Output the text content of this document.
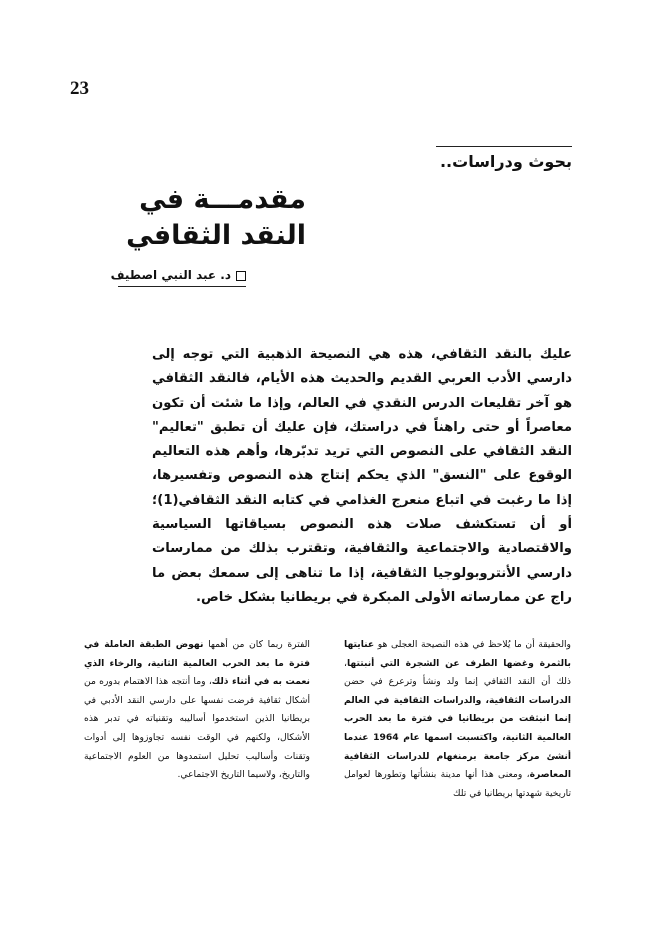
23
بحوث ودراسات..
مقدمـــة في
النقد الثقافي
د. عبد النبي اصطيف
عليك بالنقد الثقافي، هذه هي النصيحة الذهبية التي توجه إلى دارسي الأدب العربي القديم والحديث هذه الأيام، فالنقد الثقافي هو آخر تقليعات الدرس النقدي في العالم، وإذا ما شئت أن تكون معاصراً أو حتى راهناً في دراستك، فإن عليك أن تطبق "تعاليم" النقد الثقافي على النصوص التي تريد تدبّرها، وأهم هذه التعاليم الوقوع على "النسق" الذي يحكم إنتاج هذه النصوص وتفسيرها، إذا ما رغبت في اتباع منعرج الغذامي في كتابه النقد الثقافي(1)؛ أو أن تستكشف صلات هذه النصوص بسياقاتها السياسية والاقتصادية والاجتماعية والثقافية، وتقترب بذلك من ممارسات دارسي الأنتروبولوجيا الثقافية، إذا ما تناهى إلى سمعك بعض ما راج عن ممارساته الأولى المبكرة في بريطانيا بشكل خاص.
والحقيقة أن ما يُلاحظ في هذه النصيحة العجلى هو عنايتها بالثمرة وغضها الطرف عن الشجرة التي أنبتتها، ذلك أن النقد الثقافي إنما ولد ونشأ وترعرع في حضن الدراسات الثقافية، والدراسات الثقافية في العالم إنما انبثقت من بريطانيا في فترة ما بعد الحرب العالمية الثانية، واكتسبت اسمها عام 1964 عندما أنشئ مركز جامعة برمنغهام للدراسات الثقافية المعاصرة، ومعنى هذا أنها مدينة بنشأتها وتطورها لعوامل تاريخية شهدتها بريطانيا في تلك
الفترة ربما كان من أهمها نهوض الطبقة العاملة في فترة ما بعد الحرب العالمية الثانية، والرخاء الذي نعمت به في أثناء ذلك، وما أنتجه هذا الاهتمام بدوره من أشكال ثقافية فرضت نفسها على دارسي النقد الأدبي في بريطانيا الذين استخدموا أساليبه وتقنياته في تدبر هذه الأشكال، ولكنهم في الوقت نفسه تجاوزوها إلى أدوات وتقنات وأساليب تحليل استمدوها من العلوم الاجتماعية والتاريخ، ولاسيما التاريخ الاجتماعي.
